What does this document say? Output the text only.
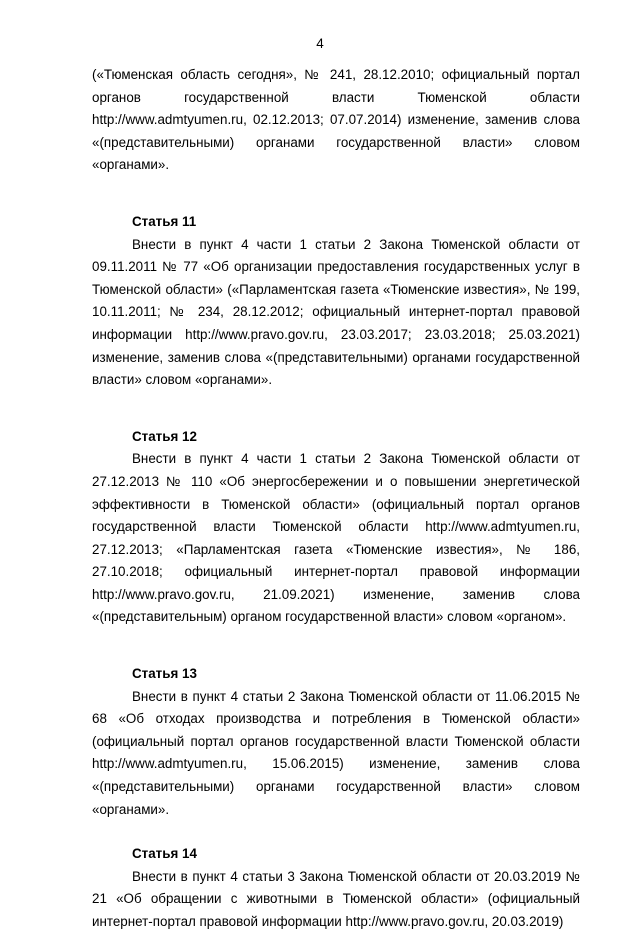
4

(«Тюменская область сегодня», № 241, 28.12.2010; официальный портал органов государственной власти Тюменской области http://www.admtyumen.ru, 02.12.2013; 07.07.2014) изменение, заменив слова «(представительными) органами государственной власти» словом «органами».

Статья 11

Внести в пункт 4 части 1 статьи 2 Закона Тюменской области от 09.11.2011 № 77 «Об организации предоставления государственных услуг в Тюменской области» («Парламентская газета «Тюменские известия», № 199, 10.11.2011; № 234, 28.12.2012; официальный интернет-портал правовой информации http://www.pravo.gov.ru, 23.03.2017; 23.03.2018; 25.03.2021) изменение, заменив слова «(представительными) органами государственной власти» словом «органами».

Статья 12

Внести в пункт 4 части 1 статьи 2 Закона Тюменской области от 27.12.2013 № 110 «Об энергосбережении и о повышении энергетической эффективности в Тюменской области» (официальный портал органов государственной власти Тюменской области http://www.admtyumen.ru, 27.12.2013; «Парламентская газета «Тюменские известия», № 186, 27.10.2018; официальный интернет-портал правовой информации http://www.pravo.gov.ru, 21.09.2021) изменение, заменив слова «(представительным) органом государственной власти» словом «органом».

Статья 13

Внести в пункт 4 статьи 2 Закона Тюменской области от 11.06.2015 № 68 «Об отходах производства и потребления в Тюменской области» (официальный портал органов государственной власти Тюменской области http://www.admtyumen.ru, 15.06.2015) изменение, заменив слова «(представительными) органами государственной власти» словом «органами».

Статья 14

Внести в пункт 4 статьи 3 Закона Тюменской области от 20.03.2019 № 21 «Об обращении с животными в Тюменской области» (официальный интернет-портал правовой информации http://www.pravo.gov.ru, 20.03.2019)
